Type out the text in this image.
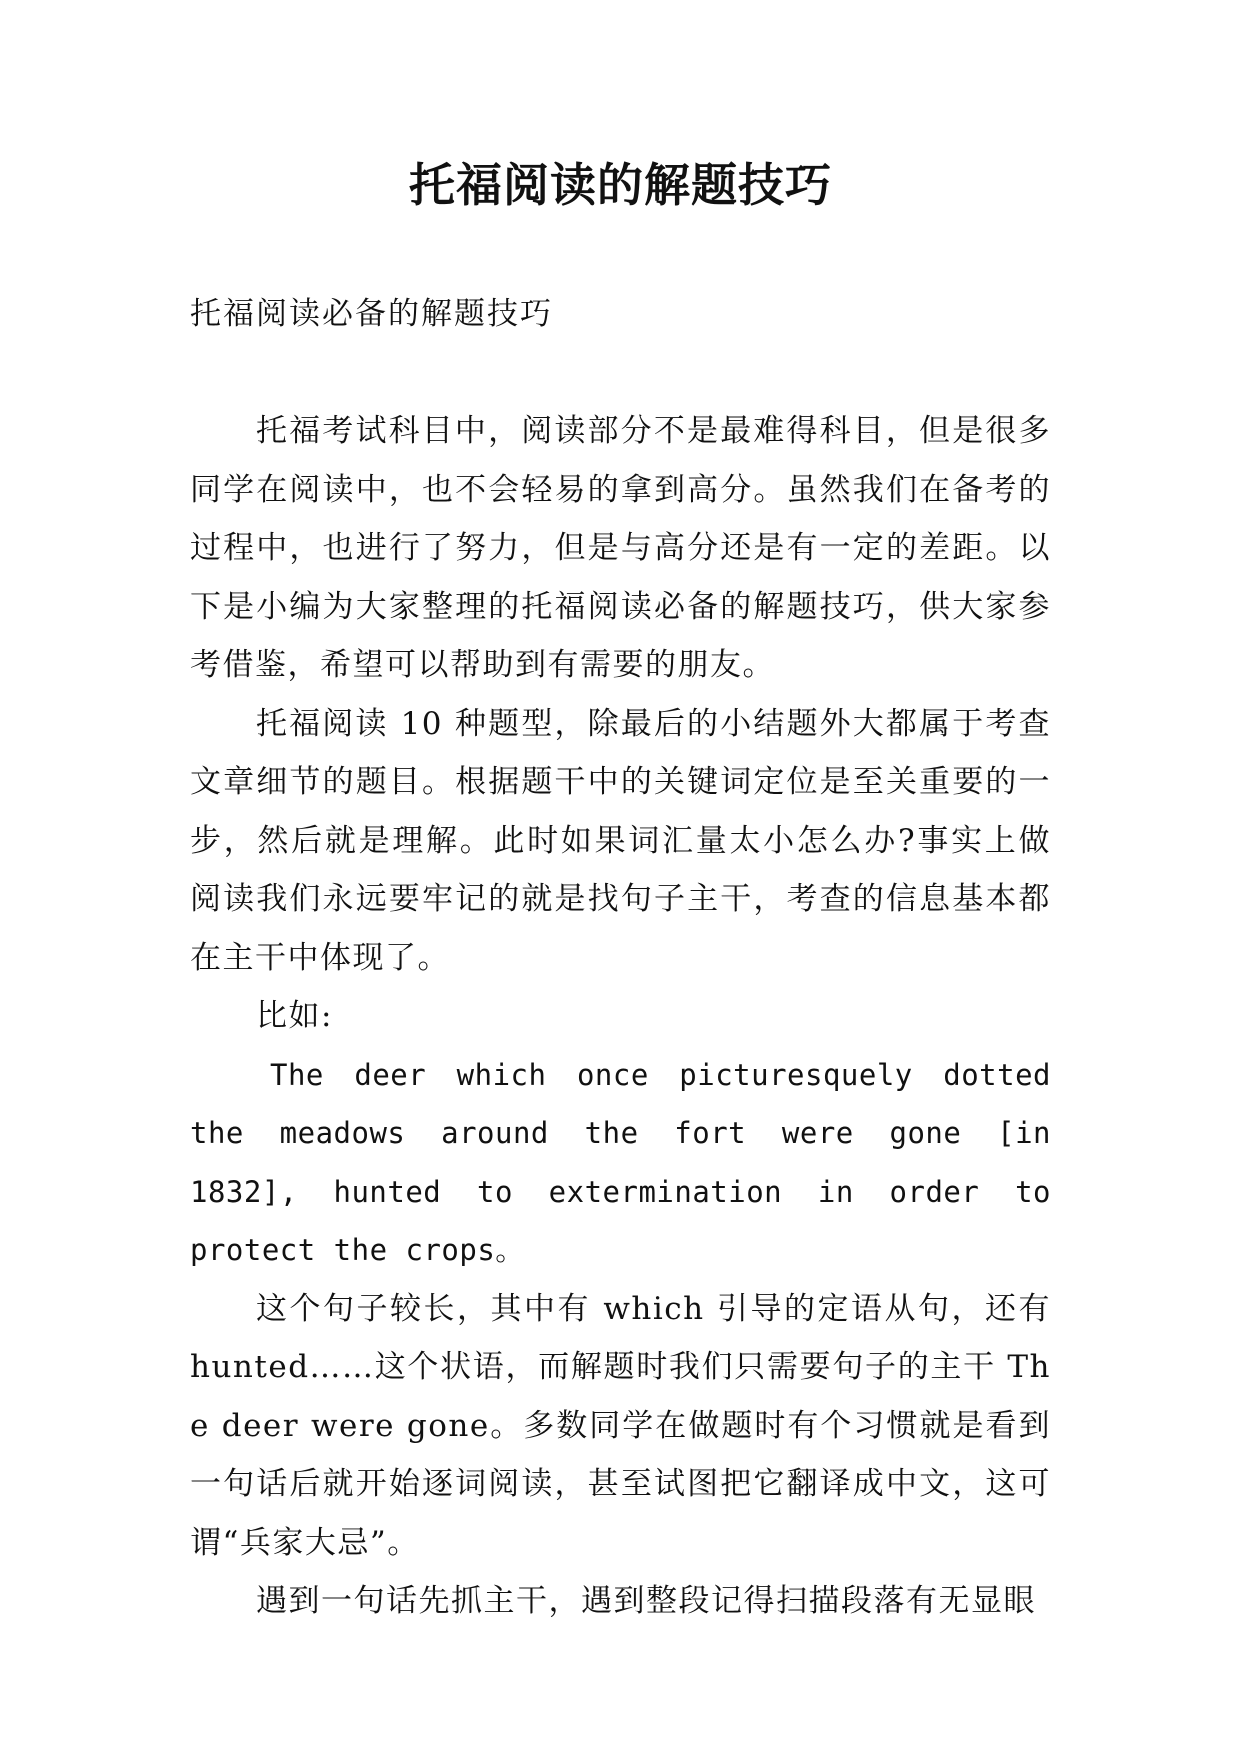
托福阅读的解题技巧
托福阅读必备的解题技巧

托福考试科目中，阅读部分不是最难得科目，但是很多同学在阅读中，也不会轻易的拿到高分。虽然我们在备考的过程中，也进行了努力，但是与高分还是有一定的差距。以下是小编为大家整理的托福阅读必备的解题技巧，供大家参考借鉴，希望可以帮助到有需要的朋友。

托福阅读 10 种题型，除最后的小结题外大都属于考查文章细节的题目。根据题干中的关键词定位是至关重要的一步，然后就是理解。此时如果词汇量太小怎么办?事实上做阅读我们永远要牢记的就是找句子主干，考查的信息基本都在主干中体现了。

比如:

The deer which once picturesquely dotted the meadows around the fort were gone [in 1832], hunted to extermination in order to protect the crops。

这个句子较长，其中有 which 引导的定语从句，还有 hunted……这个状语，而解题时我们只需要句子的主干 The deer were gone。多数同学在做题时有个习惯就是看到一句话后就开始逐词阅读，甚至试图把它翻译成中文，这可谓“兵家大忌”。

遇到一句话先抓主干，遇到整段记得扫描段落有无显眼
